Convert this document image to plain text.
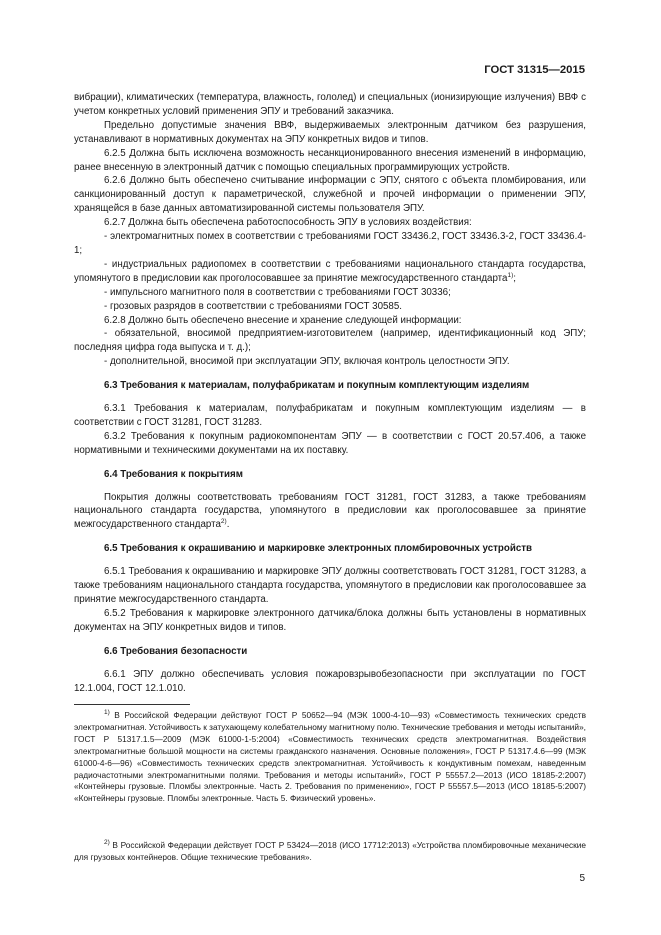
ГОСТ 31315—2015

вибрации), климатических (температура, влажность, гололед) и специальных (ионизирующие излучения) ВВФ с учетом конкретных условий применения ЭПУ и требований заказчика.

Предельно допустимые значения ВВФ, выдерживаемых электронным датчиком без разрушения, устанавливают в нормативных документах на ЭПУ конкретных видов и типов.

6.2.5 Должна быть исключена возможность несанкционированного внесения изменений в информацию, ранее внесенную в электронный датчик с помощью специальных программирующих устройств.

6.2.6 Должно быть обеспечено считывание информации с ЭПУ, снятого с объекта пломбирования, или санкционированный доступ к параметрической, служебной и прочей информации о применении ЭПУ, хранящейся в базе данных автоматизированной системы пользователя ЭПУ.

6.2.7 Должна быть обеспечена работоспособность ЭПУ в условиях воздействия:

- электромагнитных помех в соответствии с требованиями ГОСТ 33436.2, ГОСТ 33436.3-2, ГОСТ 33436.4-1;

- индустриальных радиопомех в соответствии с требованиями национального стандарта государства, упомянутого в предисловии как проголосовавшее за принятие межгосударственного стандарта$^{1)}$;

- импульсного магнитного поля в соответствии с требованиями ГОСТ 30336;

- грозовых разрядов в соответствии с требованиями ГОСТ 30585.

6.2.8 Должно быть обеспечено внесение и хранение следующей информации:

- обязательной, вносимой предприятием-изготовителем (например, идентификационный код ЭПУ; последняя цифра года выпуска и т. д.);

- дополнительной, вносимой при эксплуатации ЭПУ, включая контроль целостности ЭПУ.

6.3 Требования к материалам, полуфабрикатам и покупным комплектующим изделиям

6.3.1 Требования к материалам, полуфабрикатам и покупным комплектующим изделиям — в соответствии с ГОСТ 31281, ГОСТ 31283.

6.3.2 Требования к покупным радиокомпонентам ЭПУ — в соответствии с ГОСТ 20.57.406, а также нормативными и техническими документами на их поставку.

6.4 Требования к покрытиям

Покрытия должны соответствовать требованиям ГОСТ 31281, ГОСТ 31283, а также требованиям национального стандарта государства, упомянутого в предисловии как проголосовавшее за принятие межгосударственного стандарта$^{2)}$.

6.5 Требования к окрашиванию и маркировке электронных пломбировочных устройств

6.5.1 Требования к окрашиванию и маркировке ЭПУ должны соответствовать ГОСТ 31281, ГОСТ 31283, а также требованиям национального стандарта государства, упомянутого в предисловии как проголосовавшее за принятие межгосударственного стандарта.

6.5.2 Требования к маркировке электронного датчика/блока должны быть установлены в нормативных документах на ЭПУ конкретных видов и типов.

6.6 Требования безопасности

6.6.1 ЭПУ должно обеспечивать условия пожаровзрывобезопасности при эксплуатации по ГОСТ 12.1.004, ГОСТ 12.1.010.

$^{1)}$ В Российской Федерации действуют ГОСТ Р 50652—94 (МЭК 1000-4-10—93) «Совместимость технических средств электромагнитная. Устойчивость к затухающему колебательному магнитному полю. Технические требования и методы испытаний», ГОСТ Р 51317.1.5—2009 (МЭК 61000-1-5:2004) «Совместимость технических средств электромагнитная. Воздействия электромагнитные большой мощности на системы гражданского назначения. Основные положения», ГОСТ Р 51317.4.6—99 (МЭК 61000-4-6—96) «Совместимость технических средств электромагнитная. Устойчивость к кондуктивным помехам, наведенным радиочастотными электромагнитными полями. Требования и методы испытаний», ГОСТ Р 55557.2—2013 (ИСО 18185-2:2007) «Контейнеры грузовые. Пломбы электронные. Часть 2. Требования по применению», ГОСТ Р 55557.5—2013 (ИСО 18185-5:2007) «Контейнеры грузовые. Пломбы электронные. Часть 5. Физический уровень».

$^{2)}$ В Российской Федерации действует ГОСТ Р 53424—2018 (ИСО 17712:2013) «Устройства пломбировочные механические для грузовых контейнеров. Общие технические требования».

5
